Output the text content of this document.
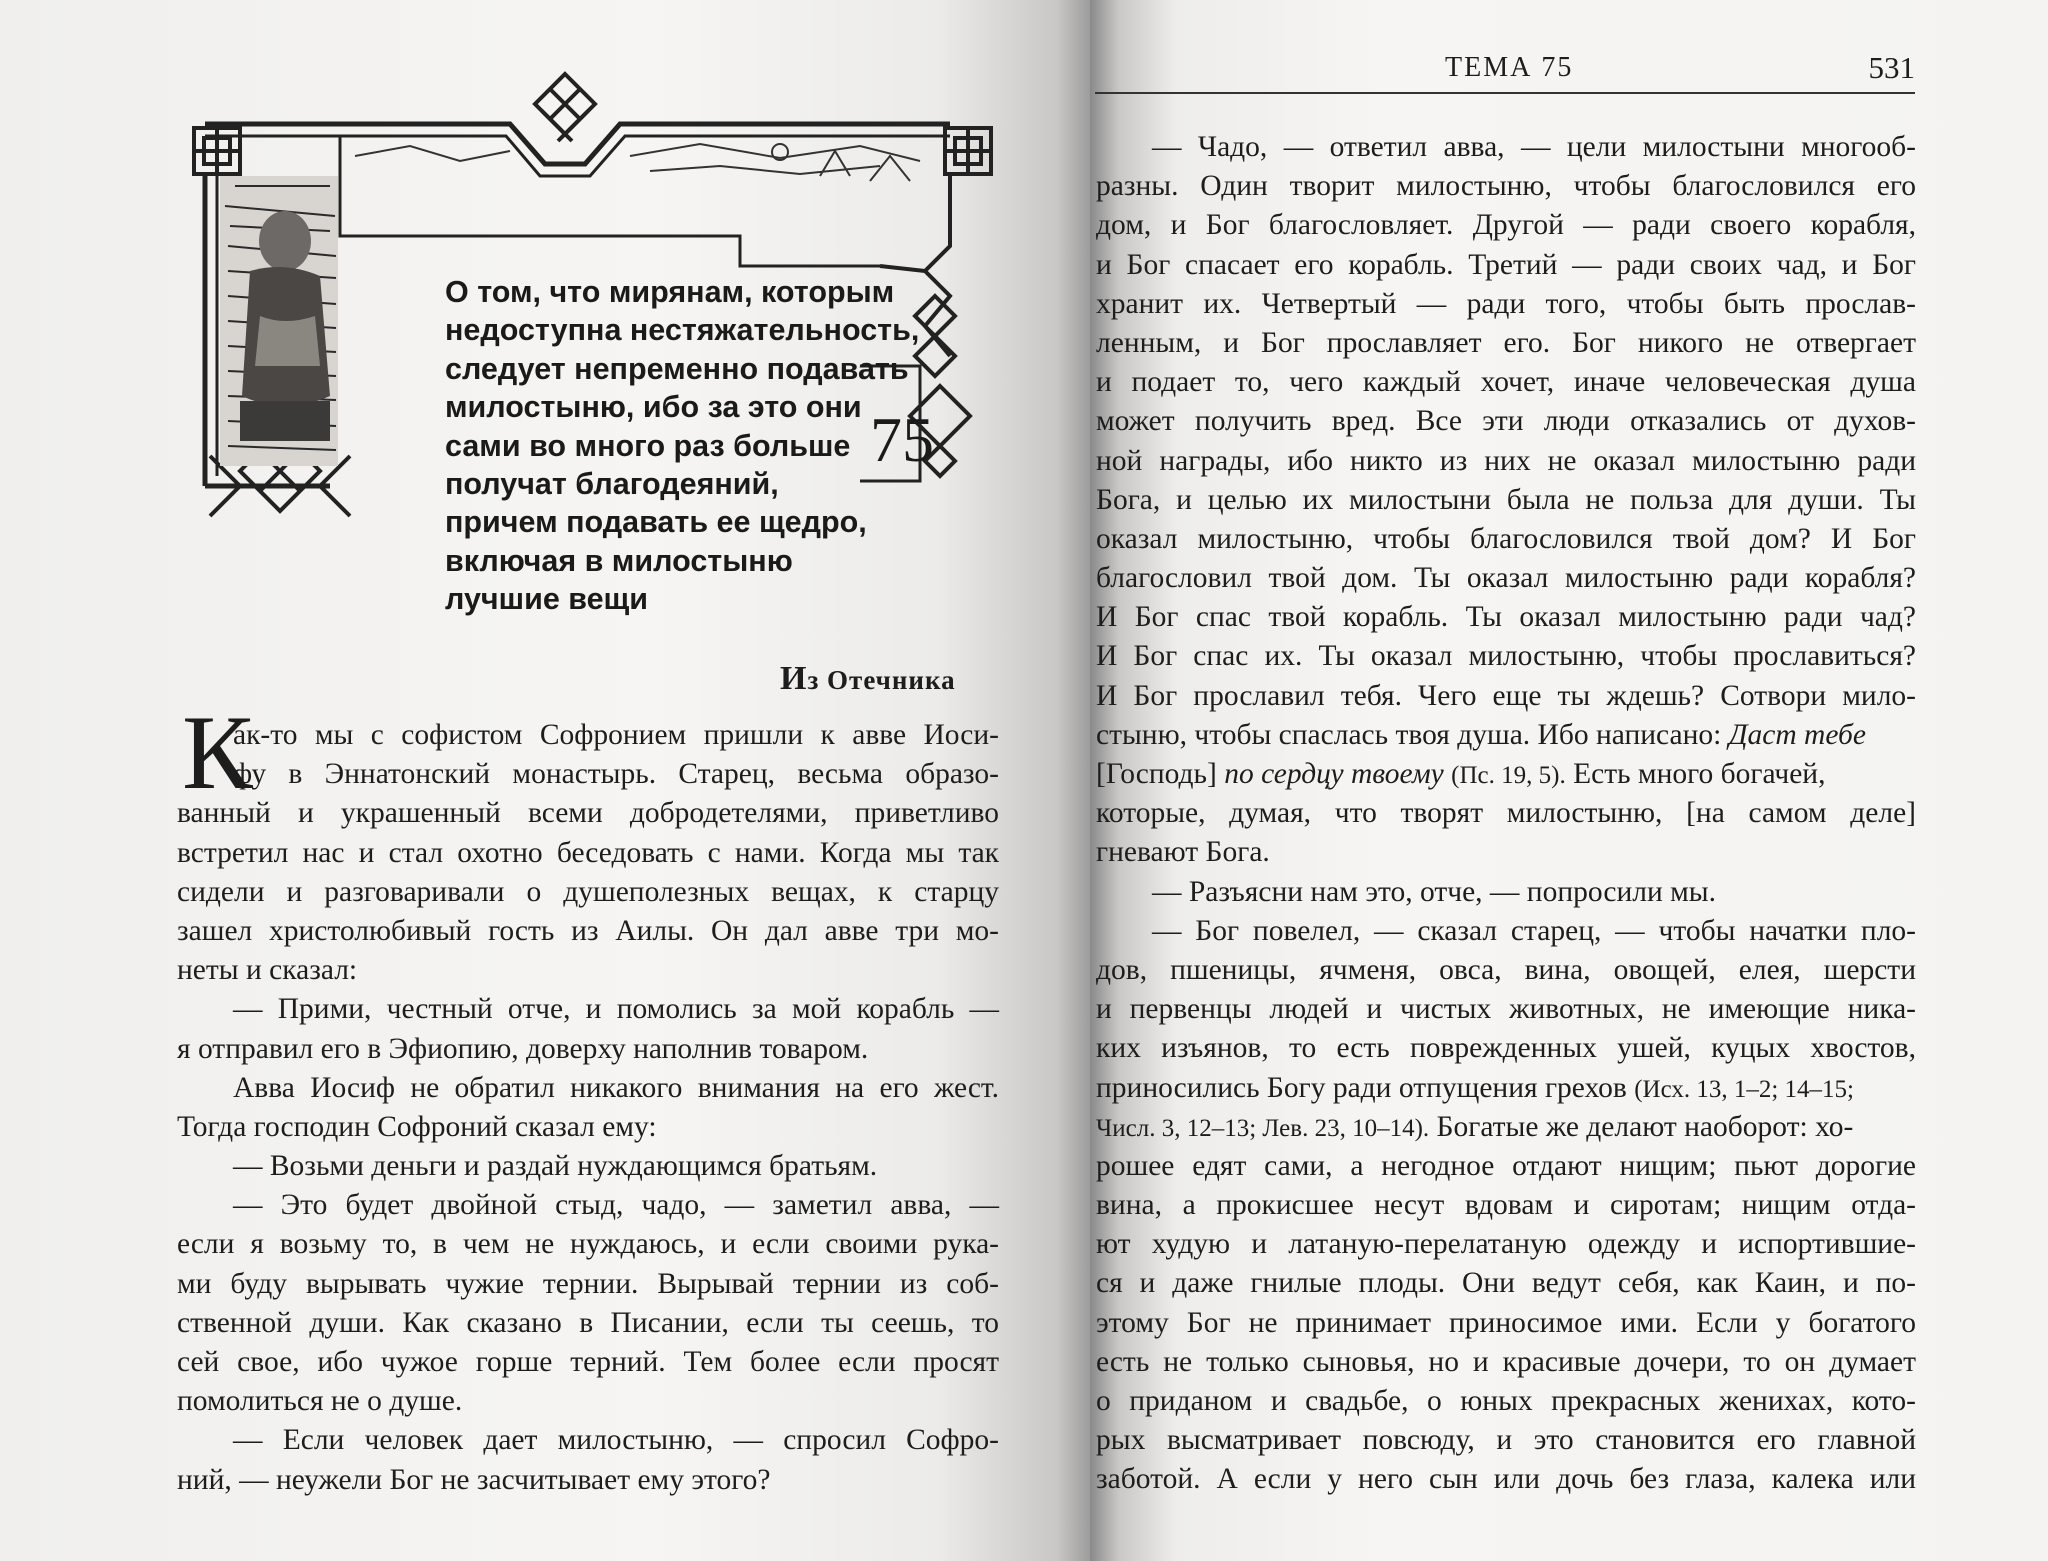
ТЕМА 75	531
75
О том, что мирянам, которым
недоступна нестяжательность,
следует непременно подавать
милостыню, ибо за это они
сами во много раз больше
получат благодеяний,
причем подавать ее щедро,
включая в милостыню
лучшие вещи
Из Отечника
К
ак-то мы с софистом Софронием пришли к авве Иоси-
фу в Эннатонский монастырь. Старец, весьма образо-
ванный и украшенный всеми добродетелями, приветливо
встретил нас и стал охотно беседовать с нами. Когда мы так
сидели и разговаривали о душеполезных вещах, к старцу
зашел христолюбивый гость из Аилы. Он дал авве три мо-
неты и сказал:
— Прими, честный отче, и помолись за мой корабль —
я отправил его в Эфиопию, доверху наполнив товаром.
Авва Иосиф не обратил никакого внимания на его жест.
Тогда господин Софроний сказал ему:
— Возьми деньги и раздай нуждающимся братьям.
— Это будет двойной стыд, чадо, — заметил авва, —
если я возьму то, в чем не нуждаюсь, и если своими рука-
ми буду вырывать чужие тернии. Вырывай тернии из соб-
ственной души. Как сказано в Писании, если ты сеешь, то
сей свое, ибо чужое горше терний. Тем более если просят
помолиться не о душе.
— Если человек дает милостыню, — спросил Софро-
ний, — неужели Бог не засчитывает ему этого?
— Чадо, — ответил авва, — цели милостыни многооб-
разны. Один творит милостыню, чтобы благословился его
дом, и Бог благословляет. Другой — ради своего корабля,
и Бог спасает его корабль. Третий — ради своих чад, и Бог
хранит их. Четвертый — ради того, чтобы быть прослав-
ленным, и Бог прославляет его. Бог никого не отвергает
и подает то, чего каждый хочет, иначе человеческая душа
может получить вред. Все эти люди отказались от духов-
ной награды, ибо никто из них не оказал милостыню ради
Бога, и целью их милостыни была не польза для души. Ты
оказал милостыню, чтобы благословился твой дом? И Бог
благословил твой дом. Ты оказал милостыню ради корабля?
И Бог спас твой корабль. Ты оказал милостыню ради чад?
И Бог спас их. Ты оказал милостыню, чтобы прославиться?
И Бог прославил тебя. Чего еще ты ждешь? Сотвори мило-
стыню, чтобы спаслась твоя душа. Ибо написано: Даст тебе
[Господь] по сердцу твоему (Пс. 19, 5). Есть много богачей,
которые, думая, что творят милостыню, [на самом деле]
гневают Бога.
— Разъясни нам это, отче, — попросили мы.
— Бог повелел, — сказал старец, — чтобы начатки пло-
дов, пшеницы, ячменя, овса, вина, овощей, елея, шерсти
и первенцы людей и чистых животных, не имеющие ника-
ких изъянов, то есть поврежденных ушей, куцых хвостов,
приносились Богу ради отпущения грехов (Исх. 13, 1–2; 14–15;
Числ. 3, 12–13; Лев. 23, 10–14). Богатые же делают наоборот: хо-
рошее едят сами, а негодное отдают нищим; пьют дорогие
вина, а прокисшее несут вдовам и сиротам; нищим отда-
ют худую и латаную-перелатаную одежду и испортившие-
ся и даже гнилые плоды. Они ведут себя, как Каин, и по-
этому Бог не принимает приносимое ими. Если у богатого
есть не только сыновья, но и красивые дочери, то он думает
о приданом и свадьбе, о юных прекрасных женихах, кото-
рых высматривает повсюду, и это становится его главной
заботой. А если у него сын или дочь без глаза, калека или
